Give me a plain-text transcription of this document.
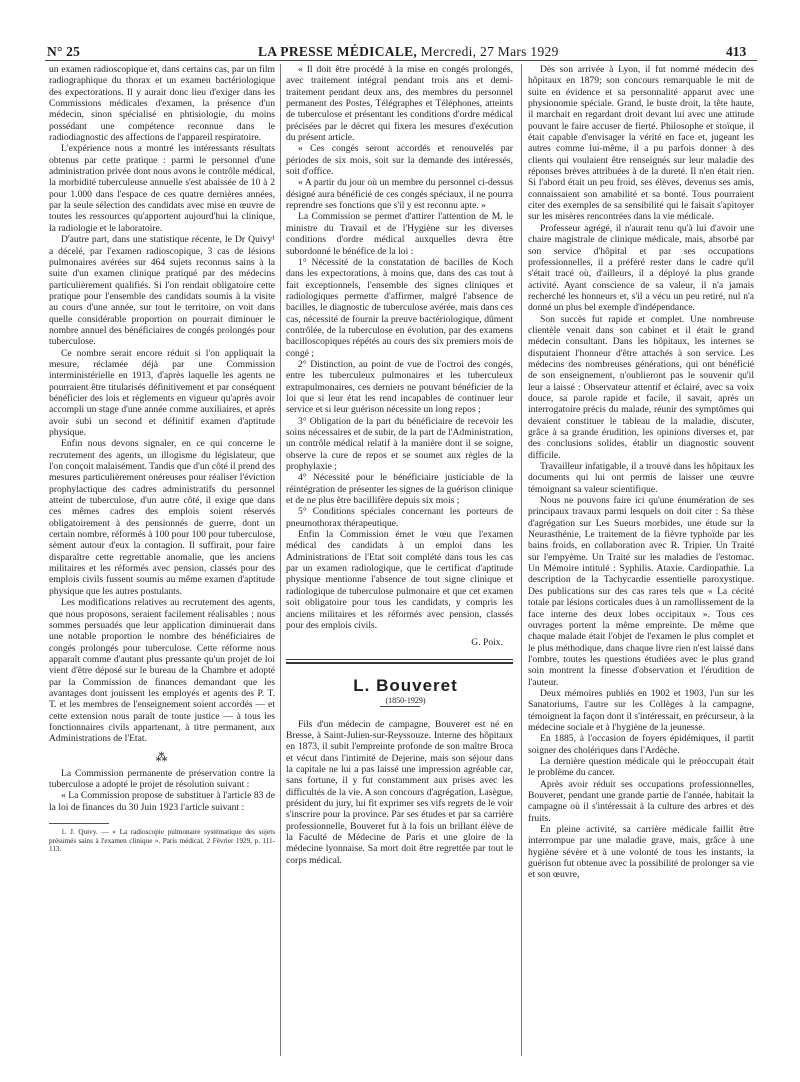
N° 25	LA PRESSE MÉDICALE, Mercredi, 27 Mars 1929	413

un examen radioscopique et, dans certains cas, par un film radiographique du thorax et un examen bactériologique des expectorations. Il y aurait donc lieu d'exiger dans les Commissions médicales d'examen, la présence d'un médecin, sinon spécialisé en phtisiologie, du moins possédant une compétence reconnue dans le radiodiagnostic des affections de l'appareil respiratoire.

L'expérience nous a montré les intéressants résultats obtenus par cette pratique : parmi le personnel d'une administration privée dont nous avons le contrôle médical, la morbidité tuberculeuse annuelle s'est abaissée de 10 à 2 pour 1.000 dans l'espace de ces quatre dernières années, par la seule sélection des candidats avec mise en œuvre de toutes les ressources qu'apportent aujourd'hui la clinique, la radiologie et le laboratoire.

D'autre part, dans une statistique récente, le Dr Quivy¹ a décelé, par l'examen radioscopique, 3 cas de lésions pulmonaires avérées sur 464 sujets reconnus sains à la suite d'un examen clinique pratiqué par des médecins particulièrement qualifiés. Si l'on rendait obligatoire cette pratique pour l'ensemble des candidats soumis à la visite au cours d'une année, sur tout le territoire, on voit dans quelle considérable proportion on pourrait diminuer le nombre annuel des bénéficiaires de congés prolongés pour tuberculose.

Ce nombre serait encore réduit si l'on appliquait la mesure, réclamée déjà par une Commission interministérielle en 1913, d'après laquelle les agents ne pourraient être titularisés définitivement et par conséquent bénéficier des lois et règlements en vigueur qu'après avoir accompli un stage d'une année comme auxiliaires, et après avoir subi un second et définitif examen d'aptitude physique.

Enfin nous devons signaler, en ce qui concerne le recrutement des agents, un illogisme du législateur, que l'on conçoit malaisément. Tandis que d'un côté il prend des mesures particulièrement onéreuses pour réaliser l'éviction prophylactique des cadres administratifs du personnel atteint de tuberculose, d'un autre côté, il exige que dans ces mêmes cadres des emplois soient réservés obligatoirement à des pensionnés de guerre, dont un certain nombre, réformés à 100 pour 100 pour tuberculose, sèment autour d'eux la contagion. Il suffirait, pour faire disparaître cette regrettable anomalie, que les anciens militaires et les réformés avec pension, classés pour des emplois civils fussent soumis au même examen d'aptitude physique que les autres postulants.

Les modifications relatives au recrutement des agents, que nous proposons, seraient facilement réalisables ; nous sommes persuadés que leur application diminuerait dans une notable proportion le nombre des bénéficiaires de congés prolongés pour tuberculose. Cette réforme nous apparaît comme d'autant plus pressante qu'un projet de loi vient d'être déposé sur le bureau de la Chambre et adopté par la Commission de finances demandant que les avantages dont jouissent les employés et agents des P. T. T. et les membres de l'enseignement soient accordés — et cette extension nous paraît de toute justice — à tous les fonctionnaires civils appartenant, à titre permanent, aux Administrations de l'Etat.

⁂

La Commission permanente de préservation contre la tuberculose a adopté le projet de résolution suivant :

« La Commission propose de substituer à l'article 83 de la loi de finances du 30 Juin 1923 l'article suivant :

1. J. Quivy. — « La radioscopie pulmonaire systématique des sujets présumés sains à l'examen clinique ». Paris médical, 2 Février 1929, p. 111-113.

« Il doit être procédé à la mise en congés prolongés, avec traitement intégral pendant trois ans et demi-traitement pendant deux ans, des membres du personnel permanent des Postes, Télégraphes et Téléphones, atteints de tuberculose et présentant les conditions d'ordre médical précisées par le décret qui fixera les mesures d'exécution du présent article.

« Ces congés seront accordés et renouvelés par périodes de six mois, soit sur la demande des intéressés, soit d'office.

« A partir du jour où un membre du personnel ci-dessus désigné aura bénéficié de ces congés spéciaux, il ne pourra reprendre ses fonctions que s'il y est reconnu apte. »

La Commission se permet d'attirer l'attention de M. le ministre du Travail et de l'Hygiène sur les diverses conditions d'ordre médical auxquelles devra être subordonné le bénéfice de la loi :

1° Nécessité de la constatation de bacilles de Koch dans les expectorations, à moins que, dans des cas tout à fait exceptionnels, l'ensemble des signes cliniques et radiologiques permette d'affirmer, malgré l'absence de bacilles, le diagnostic de tuberculose avérée, mais dans ces cas, nécessité de fournir la preuve bactériologique, dûment contrôlée, de la tuberculose en évolution, par des examens bacilloscopiques répétés au cours des six premiers mois de congé ;

2° Distinction, au point de vue de l'octroi des congés, entre les tuberculeux pulmonaires et les tuberculeux extrapulmonaires, ces derniers ne pouvant bénéficier de la loi que si leur état les rend incapables de continuer leur service et si leur guérison nécessite un long repos ;

3° Obligation de la part du bénéficiaire de recevoir les soins nécessaires et de subir, de la part de l'Administration, un contrôle médical relatif à la manière dont il se soigne, observe la cure de repos et se soumet aux règles de la prophylaxie ;

4° Nécessité pour le bénéficiaire justiciable de la réintégration de présenter les signes de la guérison clinique et de ne plus être bacillifère depuis six mois ;

5° Conditions spéciales concernant les porteurs de pneumothorax thérapeutique.

Enfin la Commission émet le vœu que l'examen médical des candidats à un emploi dans les Administrations de l'Etat soit complété dans tous les cas par un examen radiologique, que le certificat d'aptitude physique mentionne l'absence de tout signe clinique et radiologique de tuberculose pulmonaire et que cet examen soit obligatoire pour tous les candidats, y compris les anciens militaires et les réformés avec pension, classés pour des emplois civils.

G. Poix.

L. Bouveret

(1850-1929)

Fils d'un médecin de campagne, Bouveret est né en Bresse, à Saint-Julien-sur-Reyssouze. Interne des hôpitaux en 1873, il subit l'empreinte profonde de son maître Broca et vécut dans l'intimité de Dejerine, mais son séjour dans la capitale ne lui a pas laissé une impression agréable car, sans fortune, il y fut constamment aux prises avec les difficultés de la vie. A son concours d'agrégation, Lasègue, président du jury, lui fit exprimer ses vifs regrets de le voir s'inscrire pour la province. Par ses études et par sa carrière professionnelle, Bouveret fut à la fois un brillant élève de la Faculté de Médecine de Paris et une gloire de la médecine lyonnaise. Sa mort doit être regrettée par tout le corps médical.

Dès son arrivée à Lyon, il fut nommé médecin des hôpitaux en 1879; son concours remarquable le mit de suite en évidence et sa personnalité apparut avec une physionomie spéciale. Grand, le buste droit, la tête haute, il marchait en regardant droit devant lui avec une attitude pouvant le faire accuser de fierté. Philosophe et stoïque, il était capable d'envisager la vérité en face et, jugeant les autres comme lui-même, il a pu parfois donner à des clients qui voulaient être renseignés sur leur maladie des réponses brèves attribuées à de la dureté. Il n'en était rien. Si l'abord était un peu froid, ses élèves, devenus ses amis, connaissaient son amabilité et sa bonté. Tous pourraient citer des exemples de sa sensibilité qui le faisait s'apitoyer sur les misères rencontrées dans la vie médicale.

Professeur agrégé, il n'aurait tenu qu'à lui d'avoir une chaire magistrale de clinique médicale, mais, absorbé par son service d'hôpital et par ses occupations professionnelles, il a préféré rester dans le cadre qu'il s'était tracé où, d'ailleurs, il a déployé la plus grande activité. Ayant conscience de sa valeur, il n'a jamais recherché les honneurs et, s'il a vécu un peu retiré, nul n'a donné un plus bel exemple d'indépendance.

Son succès fut rapide et complet. Une nombreuse clientèle venait dans son cabinet et il était le grand médecin consultant. Dans les hôpitaux, les internes se disputaient l'honneur d'être attachés à son service. Les médecins des nombreuses générations, qui ont bénéficié de son enseignement, n'oublieront pas le souvenir qu'il leur a laissé : Observateur attentif et éclairé, avec sa voix douce, sa parole rapide et facile, il savait, après un interrogatoire précis du malade, réunir des symptômes qui devaient constituer le tableau de la maladie, discuter, grâce à sa grande érudition, les opinions diverses et, par des conclusions solides, établir un diagnostic souvent difficile.

Travailleur infatigable, il a trouvé dans les hôpitaux les documents qui lui ont permis de laisser une œuvre témoignant sa valeur scientifique.

Nous ne pouvons faire ici qu'une énumération de ses principaux travaux parmi lesquels on doit citer : Sa thèse d'agrégation sur Les Sueurs morbides, une étude sur la Neurasthénie, Le traitement de la fièvre typhoïde par les bains froids, en collaboration avec R. Tripier. Un Traité sur l'empyème. Un Traité sur les maladies de l'estomac. Un Mémoire intitulé : Syphilis. Ataxie. Cardiopathie. La description de la Tachycardie essentielle paroxystique. Des publications sur des cas rares tels que « La cécité totale par lésions corticales dues à un ramollissement de la face interne des deux lobes occipitaux ». Tous ces ouvrages portent la même empreinte. De même que chaque malade était l'objet de l'examen le plus complet et le plus méthodique, dans chaque livre rien n'est laissé dans l'ombre, toutes les questions étudiées avec le plus grand soin montrent la finesse d'observation et l'érudition de l'auteur.

Deux mémoires publiés en 1902 et 1903, l'un sur les Sanatoriums, l'autre sur les Collèges à la campagne, témoignent la façon dont il s'intéressait, en précurseur, à la médecine sociale et à l'hygiène de la jeunesse.

En 1885, à l'occasion de foyers épidémiques, il partit soigner des cholériques dans l'Ardèche.

La dernière question médicale qui le préoccupait était le problème du cancer.

Après avoir réduit ses occupations professionnelles, Bouveret, pendant une grande partie de l'année, habitait la campagne où il s'intéressait à la culture des arbres et des fruits.

En pleine activité, sa carrière médicale faillit être interrompue par une maladie grave, mais, grâce à une hygiène sévère et à une volonté de tous les instants, la guérison fut obtenue avec la possibilité de prolonger sa vie et son œuvre,
